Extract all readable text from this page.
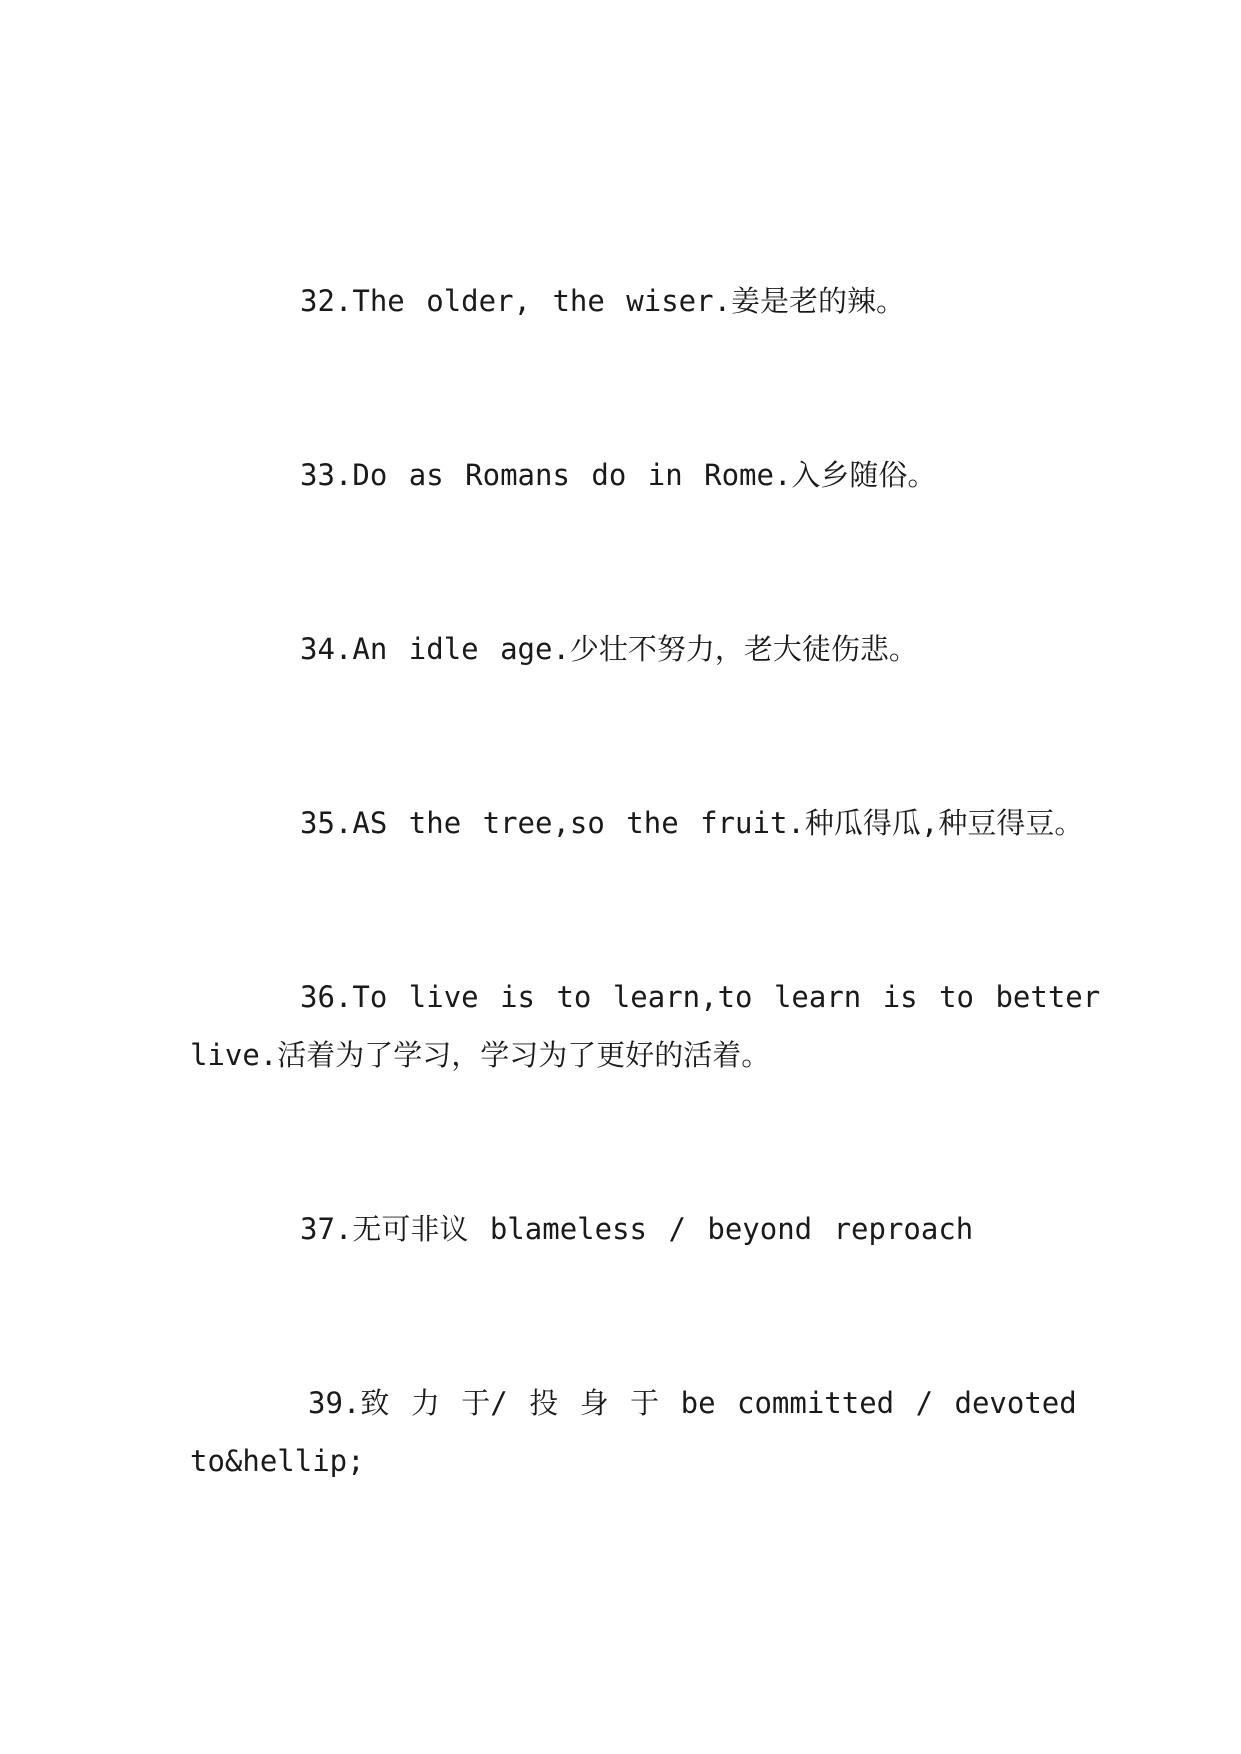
32.The older, the wiser.姜是老的辣。
33.Do as Romans do in Rome.入乡随俗。
34.An idle age.少壮不努力，老大徒伤悲。
35.AS the tree,so the fruit.种瓜得瓜,种豆得豆。
36.To live is to learn,to learn is to better
live.活着为了学习，学习为了更好的活着。
37.无可非议 blameless / beyond reproach
39.致 力 于/ 投 身 于 be committed / devoted
to&hellip;
